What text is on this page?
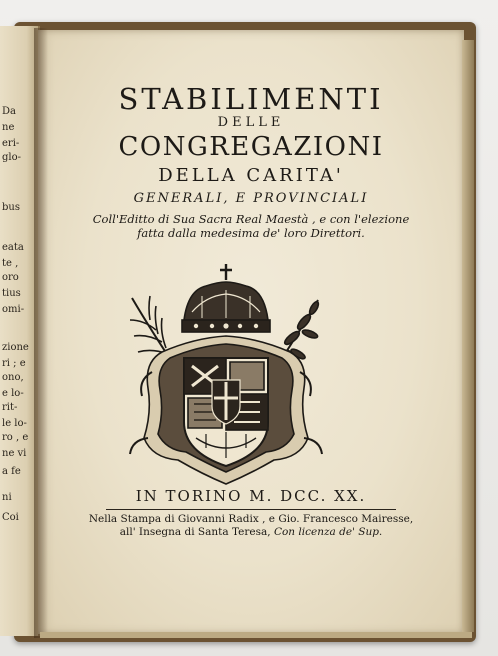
Da
ne
eri-
glo-
bus
eata
te ,
oro
tius
omi-
zione
ri ; e
ono,
e lo-
rit-
le lo-
ro , e
ne vi
a fe
ni
Coi
STABILIMENTI
DELLE
CONGREGAZIONI
DELLA CARITA'
GENERALI, E PROVINCIALI
Coll'Editto di Sua Sacra Real Maestà , e con l'elezione
fatta dalla medesima de' loro Direttori.
IN TORINO M. DCC. XX.
Nella Stampa di Giovanni Radix , e Gio. Francesco Mairesse,
all' Insegna di Santa Teresa, Con licenza de' Sup.
